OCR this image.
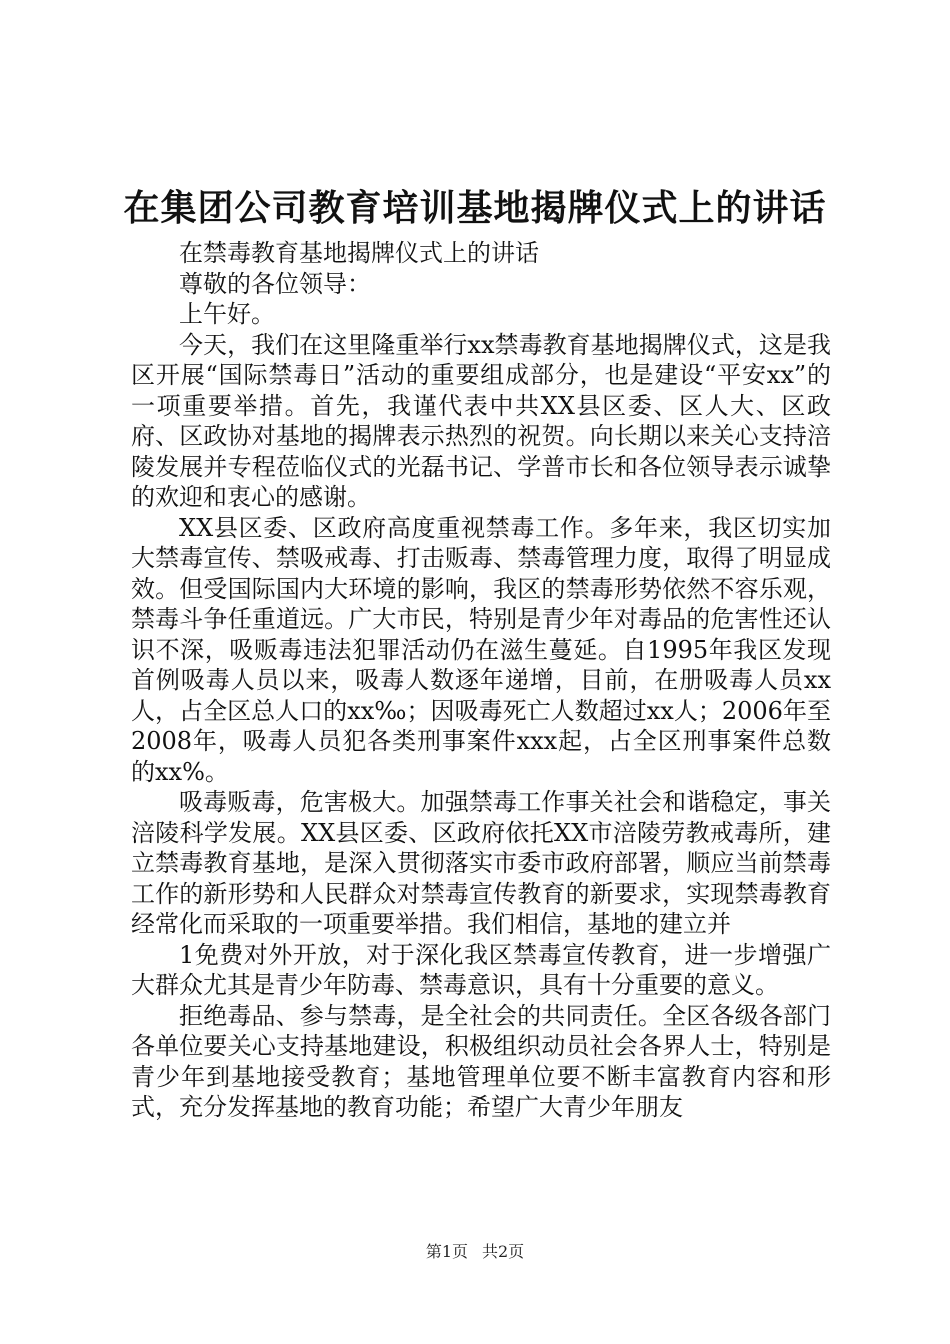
在集团公司教育培训基地揭牌仪式上的讲话

在禁毒教育基地揭牌仪式上的讲话

尊敬的各位领导：

上午好。

今天，我们在这里隆重举行xx禁毒教育基地揭牌仪式，这是我区开展“国际禁毒日”活动的重要组成部分，也是建设“平安xx”的一项重要举措。首先，我谨代表中共XX县区委、区人大、区政府、区政协对基地的揭牌表示热烈的祝贺。向长期以来关心支持涪陵发展并专程莅临仪式的光磊书记、学普市长和各位领导表示诚挚的欢迎和衷心的感谢。

XX县区委、区政府高度重视禁毒工作。多年来，我区切实加大禁毒宣传、禁吸戒毒、打击贩毒、禁毒管理力度，取得了明显成效。但受国际国内大环境的影响，我区的禁毒形势依然不容乐观，禁毒斗争任重道远。广大市民，特别是青少年对毒品的危害性还认识不深，吸贩毒违法犯罪活动仍在滋生蔓延。自1995年我区发现首例吸毒人员以来，吸毒人数逐年递增，目前，在册吸毒人员xx人，占全区总人口的xx‰；因吸毒死亡人数超过xx人；2006年至2008年，吸毒人员犯各类刑事案件xxx起，占全区刑事案件总数的xx%。

吸毒贩毒，危害极大。加强禁毒工作事关社会和谐稳定，事关涪陵科学发展。XX县区委、区政府依托XX市涪陵劳教戒毒所，建立禁毒教育基地，是深入贯彻落实市委市政府部署，顺应当前禁毒工作的新形势和人民群众对禁毒宣传教育的新要求，实现禁毒教育经常化而采取的一项重要举措。我们相信，基地的建立并

1免费对外开放，对于深化我区禁毒宣传教育，进一步增强广大群众尤其是青少年防毒、禁毒意识，具有十分重要的意义。

拒绝毒品、参与禁毒，是全社会的共同责任。全区各级各部门各单位要关心支持基地建设，积极组织动员社会各界人士，特别是青少年到基地接受教育；基地管理单位要不断丰富教育内容和形式，充分发挥基地的教育功能；希望广大青少年朋友

第1页 共2页
